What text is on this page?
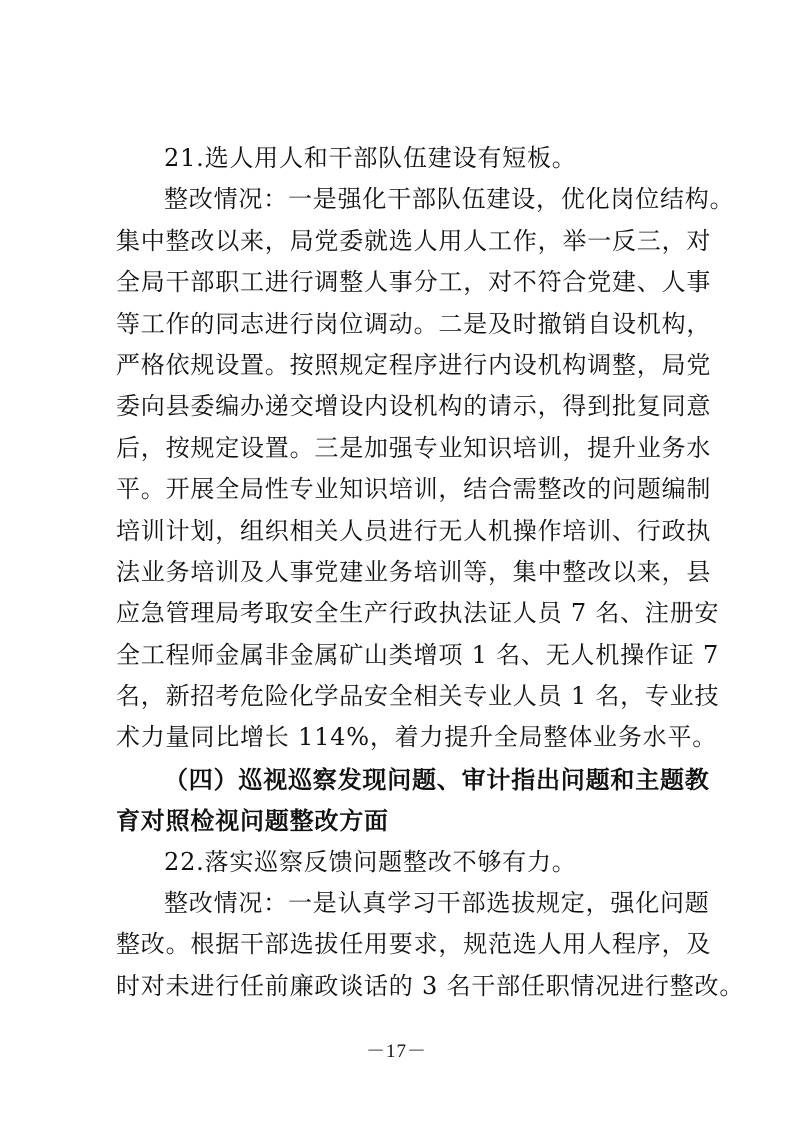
21.选人用人和干部队伍建设有短板。
整改情况：一是强化干部队伍建设，优化岗位结构。
集中整改以来，局党委就选人用人工作，举一反三，对
全局干部职工进行调整人事分工，对不符合党建、人事
等工作的同志进行岗位调动。二是及时撤销自设机构，
严格依规设置。按照规定程序进行内设机构调整，局党
委向县委编办递交增设内设机构的请示，得到批复同意
后，按规定设置。三是加强专业知识培训，提升业务水
平。开展全局性专业知识培训，结合需整改的问题编制
培训计划，组织相关人员进行无人机操作培训、行政执
法业务培训及人事党建业务培训等，集中整改以来，县
应急管理局考取安全生产行政执法证人员 7 名、注册安
全工程师金属非金属矿山类增项 1 名、无人机操作证 7
名，新招考危险化学品安全相关专业人员 1 名，专业技
术力量同比增长 114%，着力提升全局整体业务水平。
（四）巡视巡察发现问题、审计指出问题和主题教
育对照检视问题整改方面
22.落实巡察反馈问题整改不够有力。
整改情况：一是认真学习干部选拔规定，强化问题
整改。根据干部选拔任用要求，规范选人用人程序，及
时对未进行任前廉政谈话的 3 名干部任职情况进行整改。
－17－
